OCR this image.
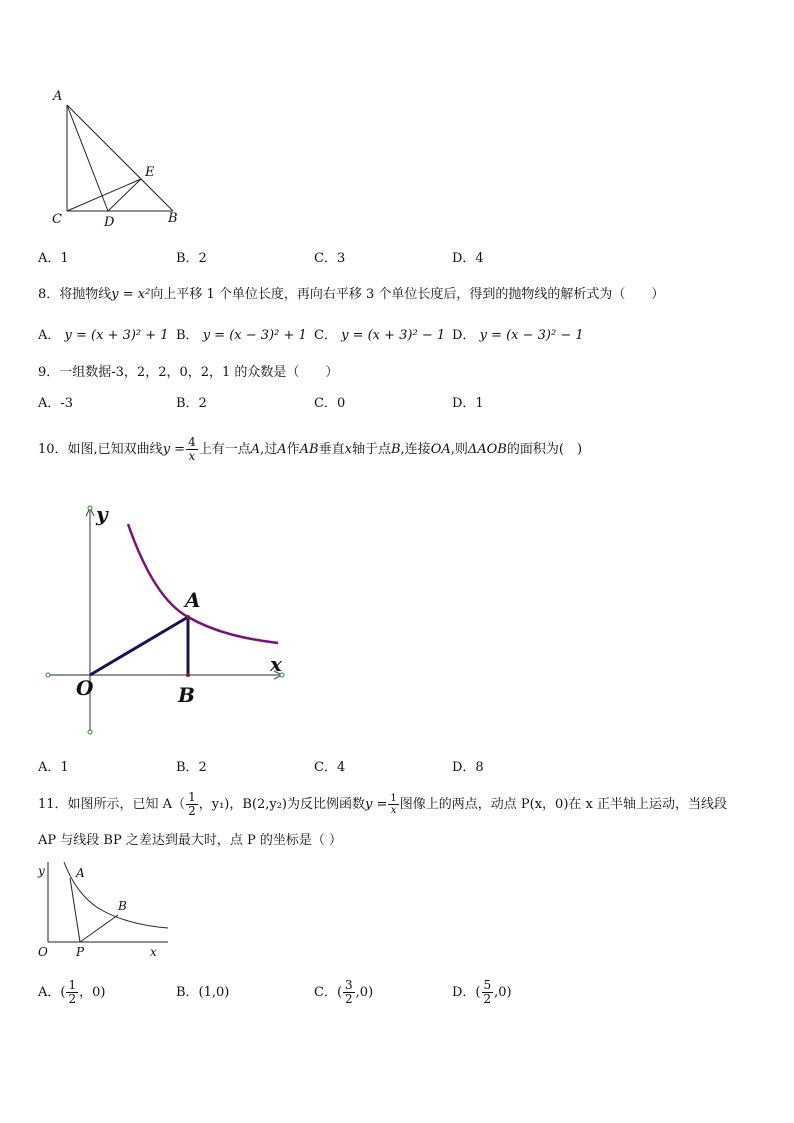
A
C	D
E
B
A．1	B．2	C．3	D．4
8．将抛物线y = x²向上平移 1 个单位长度，再向右平移 3 个单位长度后，得到的抛物线的解析式为（　　）
A． y = (x + 3)² + 1 B． y = (x − 3)² + 1 C． y = (x + 3)² − 1 D． y = (x − 3)² − 1
9．一组数据-3，2，2，0，2，1 的众数是（　　）
A．-3	B．2	C．0	D．1
10．如图,已知双曲线$y = \frac{4}{x}$ 上有一点A,过A作AB垂直x轴于点B,连接OA,则ΔAOB的面积为(　)
y
x
O
A
B
A．1	B．2	C．4	D．8
11．如图所示，已知 $A( \frac{1}{2}$ ，y₁)，B(2,y₂)为反比例函数$y = \frac{1}{x}$ 图像上的两点，动点 P(x，0)在 x 正半轴上运动，当线段
AP 与线段 BP 之差达到最大时，点 P 的坐标是（ ）
y	A
B
O P	x
A．( $\frac{1}{2}$ ，0)	B．(1,0)	C．( $\frac{3}{2} ,0$)	D．( $\frac{5}{2} ,0$)
